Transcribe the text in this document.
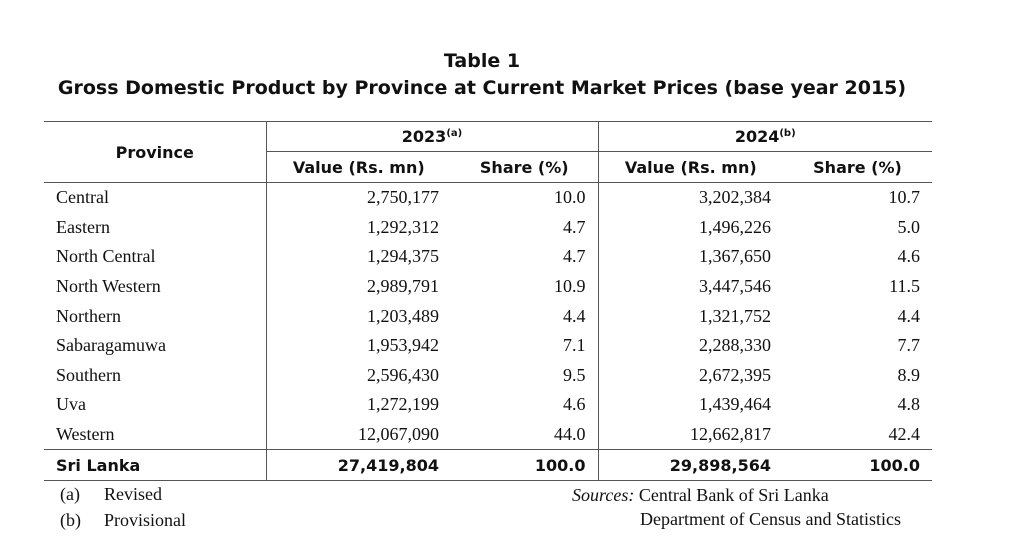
Table 1
Gross Domestic Product by Province at Current Market Prices (base year 2015)
Province	2023$^{(a)}$		2024$^{(b)}$
	Value (Rs. mn)	Share (%)	Value (Rs. mn)	Share (%)
Central	2,750,177	10.0	3,202,384	10.7
Eastern	1,292,312	4.7	1,496,226	5.0
North Central	1,294,375	4.7	1,367,650	4.6
North Western	2,989,791	10.9	3,447,546	11.5
Northern	1,203,489	4.4	1,321,752	4.4
Sabaragamuwa	1,953,942	7.1	2,288,330	7.7
Southern	2,596,430	9.5	2,672,395	8.9
Uva	1,272,199	4.6	1,439,464	4.8
Western	12,067,090	44.0	12,662,817	42.4
Sri Lanka	27,419,804	100.0	29,898,564	100.0
(a) Revised
(b) Provisional
Sources: Central Bank of Sri Lanka
Department of Census and Statistics
